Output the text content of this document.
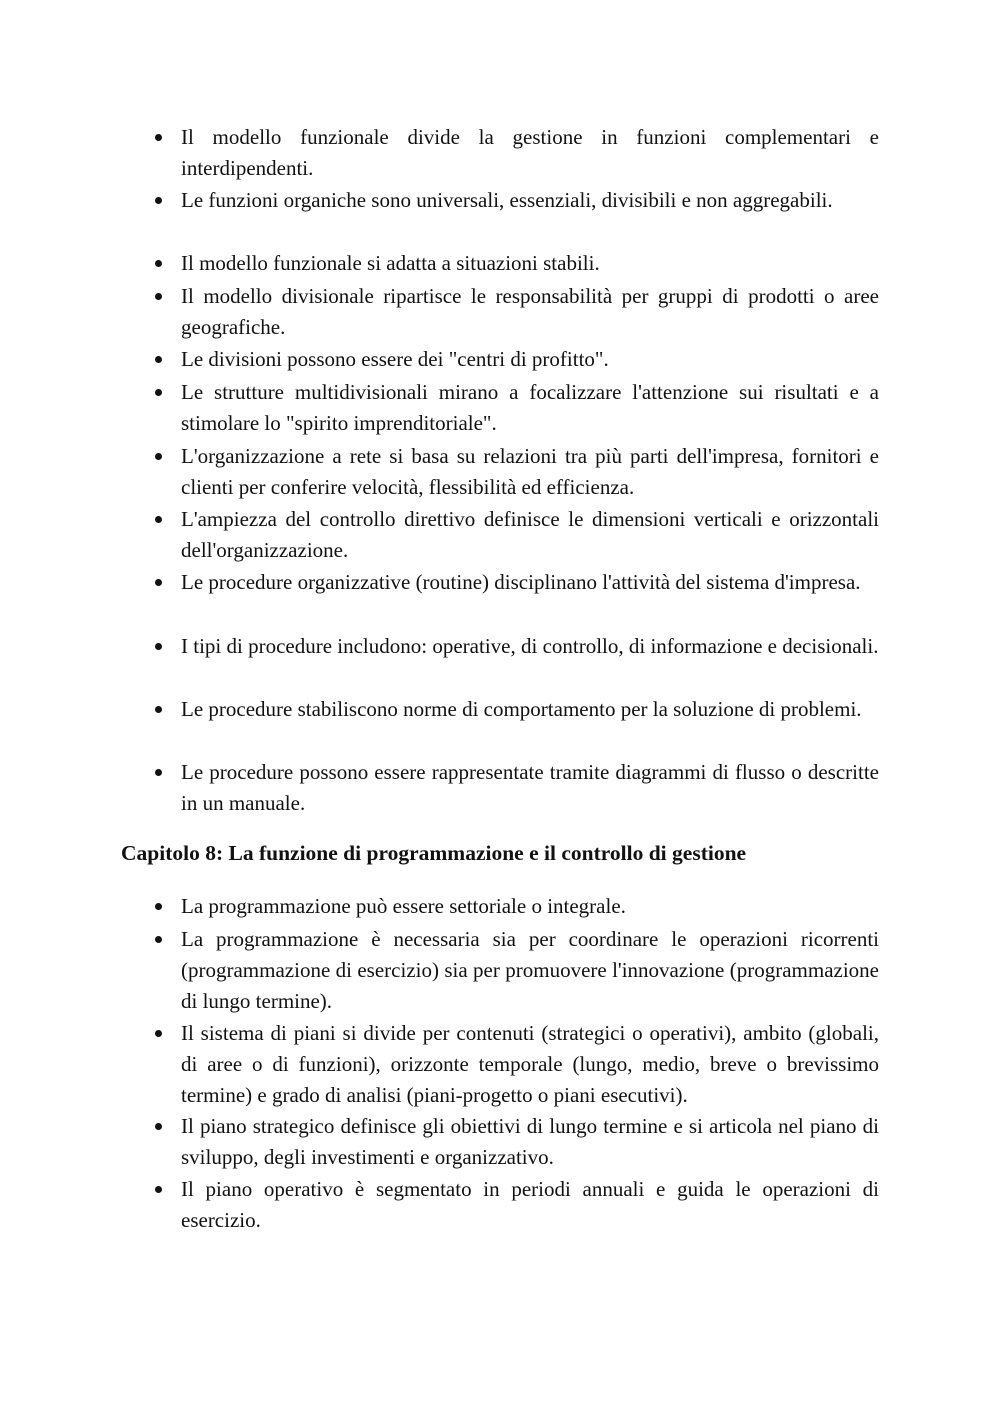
Il modello funzionale divide la gestione in funzioni complementari e interdipendenti.

Le funzioni organiche sono universali, essenziali, divisibili e non aggregabili.

Il modello funzionale si adatta a situazioni stabili.

Il modello divisionale ripartisce le responsabilità per gruppi di prodotti o aree geografiche.

Le divisioni possono essere dei "centri di profitto".

Le strutture multidivisionali mirano a focalizzare l'attenzione sui risultati e a stimolare lo "spirito imprenditoriale".

L'organizzazione a rete si basa su relazioni tra più parti dell'impresa, fornitori e clienti per conferire velocità, flessibilità ed efficienza.

L'ampiezza del controllo direttivo definisce le dimensioni verticali e orizzontali dell'organizzazione.

Le procedure organizzative (routine) disciplinano l'attività del sistema d'impresa.

I tipi di procedure includono: operative, di controllo, di informazione e decisionali.

Le procedure stabiliscono norme di comportamento per la soluzione di problemi.

Le procedure possono essere rappresentate tramite diagrammi di flusso o descritte in un manuale.

Capitolo 8: La funzione di programmazione e il controllo di gestione

La programmazione può essere settoriale o integrale.

La programmazione è necessaria sia per coordinare le operazioni ricorrenti (programmazione di esercizio) sia per promuovere l'innovazione (programmazione di lungo termine).

Il sistema di piani si divide per contenuti (strategici o operativi), ambito (globali, di aree o di funzioni), orizzonte temporale (lungo, medio, breve o brevissimo termine) e grado di analisi (piani-progetto o piani esecutivi).

Il piano strategico definisce gli obiettivi di lungo termine e si articola nel piano di sviluppo, degli investimenti e organizzativo.

Il piano operativo è segmentato in periodi annuali e guida le operazioni di esercizio.
